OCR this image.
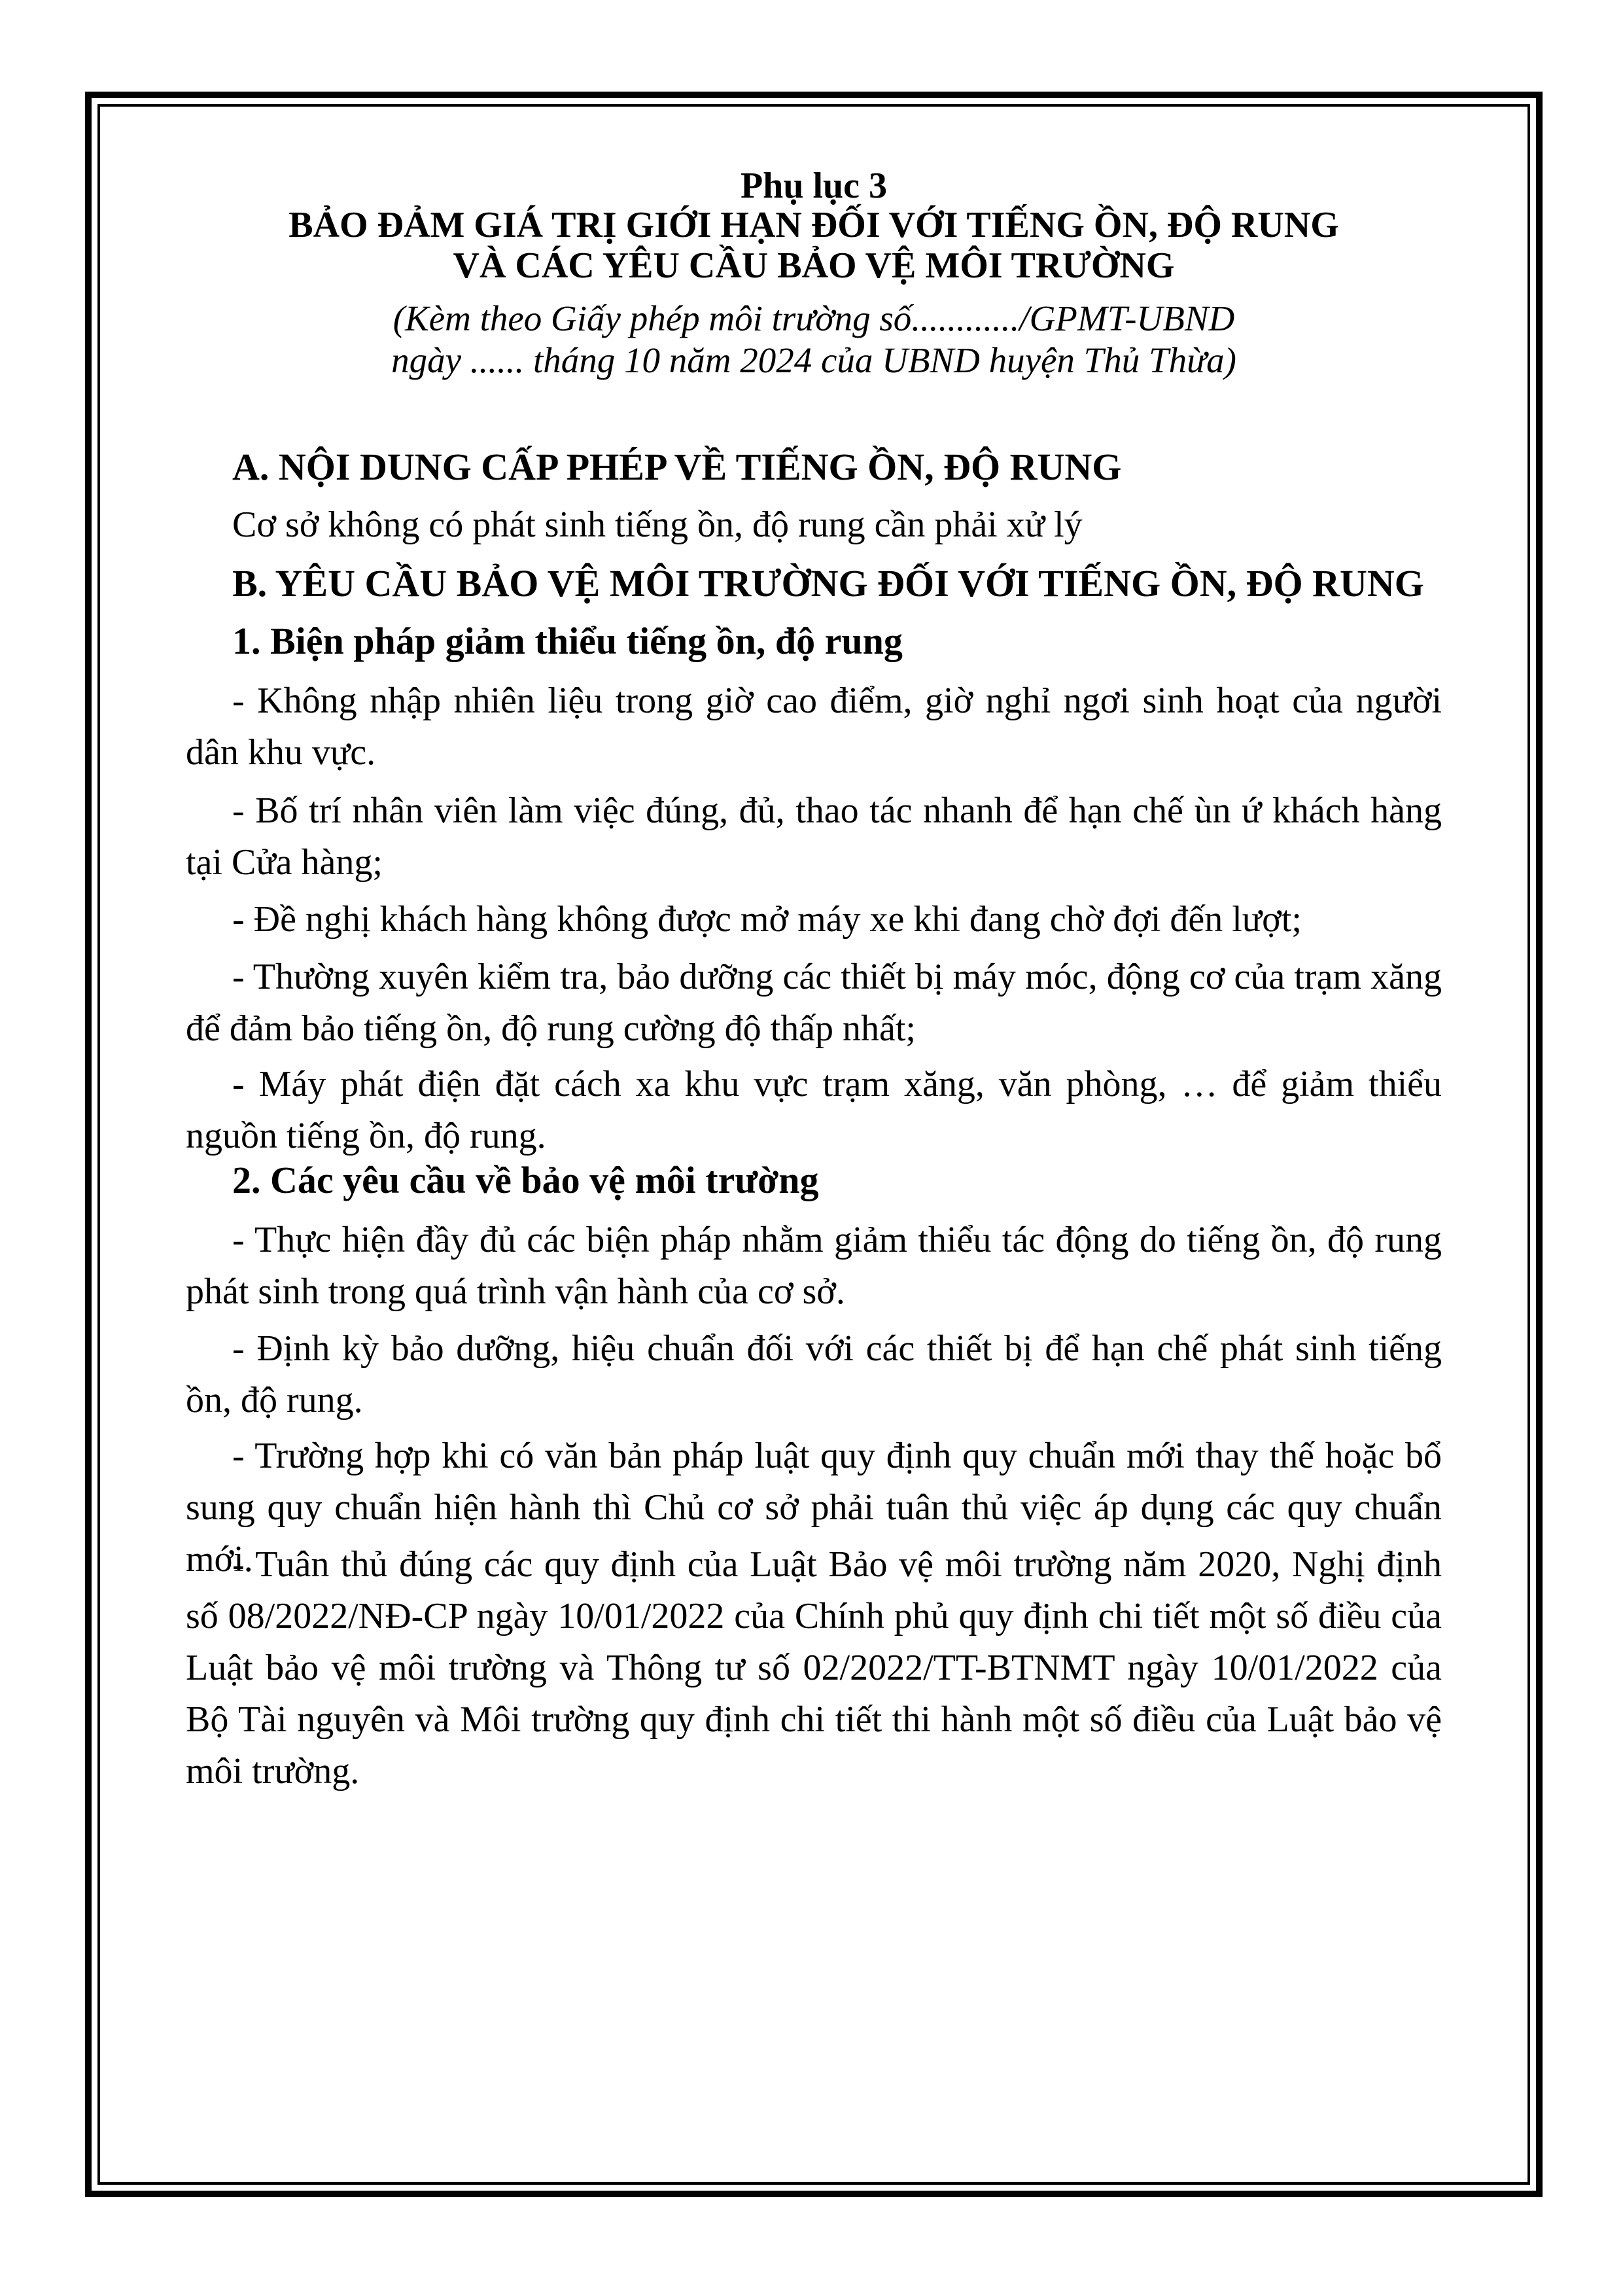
Phụ lục 3
BẢO ĐẢM GIÁ TRỊ GIỚI HẠN ĐỐI VỚI TIẾNG ỒN, ĐỘ RUNG
VÀ CÁC YÊU CẦU BẢO VỆ MÔI TRƯỜNG
(Kèm theo Giấy phép môi trường số............/GPMT-UBND
ngày ...... tháng 10 năm 2024 của UBND huyện Thủ Thừa)
A. NỘI DUNG CẤP PHÉP VỀ TIẾNG ỒN, ĐỘ RUNG
Cơ sở không có phát sinh tiếng ồn, độ rung cần phải xử lý
B. YÊU CẦU BẢO VỆ MÔI TRƯỜNG ĐỐI VỚI TIẾNG ỒN, ĐỘ RUNG
1. Biện pháp giảm thiểu tiếng ồn, độ rung
- Không nhập nhiên liệu trong giờ cao điểm, giờ nghỉ ngơi sinh hoạt của người dân khu vực.
- Bố trí nhân viên làm việc đúng, đủ, thao tác nhanh để hạn chế ùn ứ khách hàng tại Cửa hàng;
- Đề nghị khách hàng không được mở máy xe khi đang chờ đợi đến lượt;
- Thường xuyên kiểm tra, bảo dưỡng các thiết bị máy móc, động cơ của trạm xăng để đảm bảo tiếng ồn, độ rung cường độ thấp nhất;
- Máy phát điện đặt cách xa khu vực trạm xăng, văn phòng, … để giảm thiểu nguồn tiếng ồn, độ rung.
2. Các yêu cầu về bảo vệ môi trường
- Thực hiện đầy đủ các biện pháp nhằm giảm thiểu tác động do tiếng ồn, độ rung phát sinh trong quá trình vận hành của cơ sở.
- Định kỳ bảo dưỡng, hiệu chuẩn đối với các thiết bị để hạn chế phát sinh tiếng ồn, độ rung.
- Trường hợp khi có văn bản pháp luật quy định quy chuẩn mới thay thế hoặc bổ sung quy chuẩn hiện hành thì Chủ cơ sở phải tuân thủ việc áp dụng các quy chuẩn mới.
- Tuân thủ đúng các quy định của Luật Bảo vệ môi trường năm 2020, Nghị định số 08/2022/NĐ-CP ngày 10/01/2022 của Chính phủ quy định chi tiết một số điều của Luật bảo vệ môi trường và Thông tư số 02/2022/TT-BTNMT ngày 10/01/2022 của Bộ Tài nguyên và Môi trường quy định chi tiết thi hành một số điều của Luật bảo vệ môi trường.
